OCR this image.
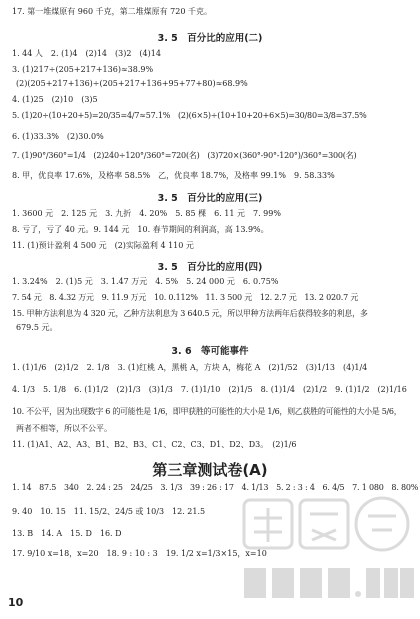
17. 第一堆煤原有 960 千克，第二堆煤原有 720 千克。
3. 5　百分比的应用(二)
1. 44 人　2. (1)4　(2)14　(3)2　(4)14
3. (1)217÷(205+217+136)≈38.9%
(2)(205+217+136)÷(205+217+136+95+77+80)≈68.9%
4. (1)25　(2)10　(3)5
5. (1)20÷(10+20+5)=20/35=4/7≈57.1%　(2)(6×5)÷(10+10+20+6×5)=30/80=3/8=37.5%
6. (1)33.3%　(2)30.0%
7. (1)90°/360°=1/4　(2)240÷120°/360°=720(名)　(3)720×(360°-90°-120°)/360°=300(名)
8. 甲，优良率 17.6%，及格率 58.5%　乙，优良率 18.7%，及格率 99.1%　9. 58.33%
3. 5　百分比的应用(三)
1. 3600 元　2. 125 元　3. 九折　4. 20%　5. 85 棵　6. 11 元　7. 99%
8. 亏了，亏了 40 元。9. 144 元　10. 春节期间的利润高，高 13.9%。
11. (1)预计盈利 4 500 元　(2)实际盈利 4 110 元
3. 5　百分比的应用(四)
1. 3.24%　2. (1)5 元　3. 1.47 万元　4. 5%　5. 24 000 元　6. 0.75%
7. 54 元　8. 4.32 万元　9. 11.9 万元　10. 0.112%　11. 3 500 元　12. 2.7 元　13. 2 020.7 元
15. 甲种方法利息为 4 320 元，乙种方法利息为 3 640.5 元，所以甲种方法两年后获得较多的利息，多
679.5 元。
3. 6　等可能事件
1. (1)1/6　(2)1/2　2. 1/8　3. (1)红桃 A，黑桃 A，方块 A，梅花 A　(2)1/52　(3)1/13　(4)1/4
4. 1/3　5. 1/8　6. (1)1/2　(2)1/3　(3)1/3　7. (1)1/10　(2)1/5　8. (1)1/4　(2)1/2　9. (1)1/2　(2)1/16
10. 不公平，因为出现数字 6 的可能性是 1/6，即甲获胜的可能性的大小是 1/6，则乙获胜的可能性的大小是 5/6，
两者不相等，所以不公平。
11. (1)A1、A2、A3、B1、B2、B3、C1、C2、C3、D1、D2、D3。　(2)1/6
第三章测试卷(A)
1. 14　87.5　340　2. 24 : 25　24/25　3. 1/3　39 : 26 : 17　4. 1/13　5. 2 : 3 : 4　6. 4/5　7. 1 080　8. 80%
9. 40　10. 15　11. 15/2、24/5 或 10/3　12. 21.5
13. B　14. A　15. D　16. D
17. 9/10 x=18，x=20　18. 9 : 10 : 3　19. 1/2 x=1/3×15，x=10
10
